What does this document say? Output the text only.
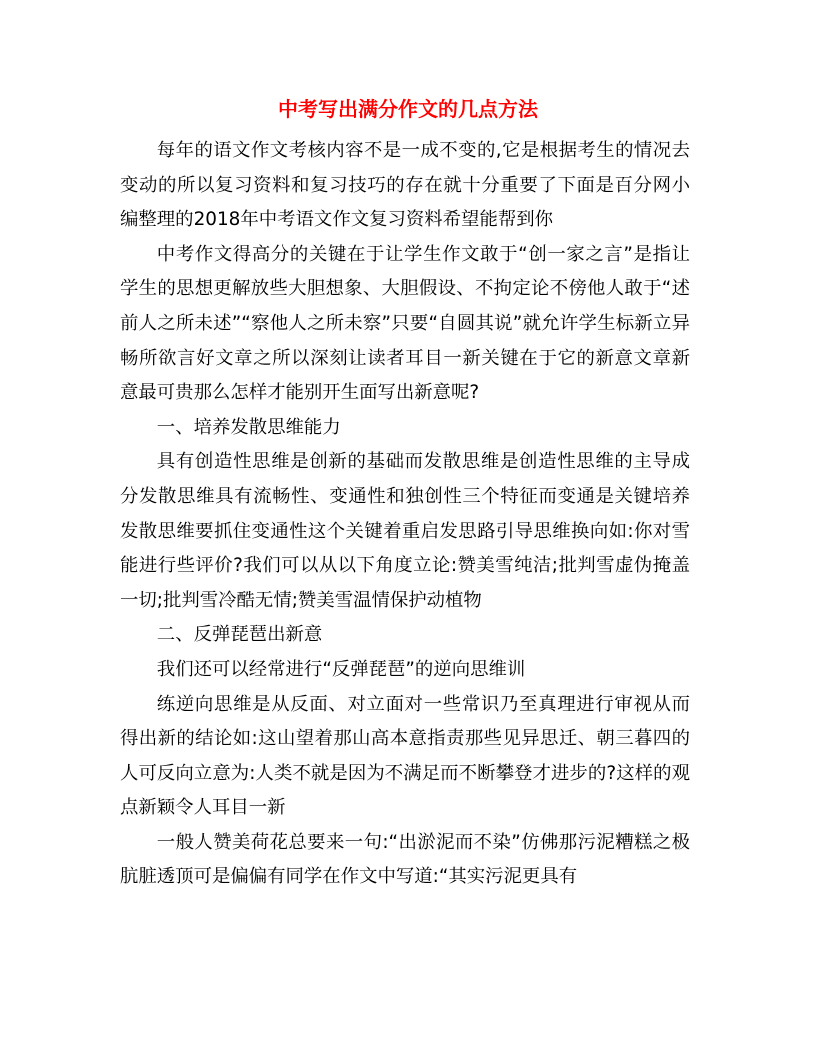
中考写出满分作文的几点方法

每年的语文作文考核内容不是一成不变的,它是根据考生的情况去变动的所以复习资料和复习技巧的存在就十分重要了下面是百分网小编整理的2018年中考语文作文复习资料希望能帮到你

中考作文得高分的关键在于让学生作文敢于“创一家之言”是指让学生的思想更解放些大胆想象、大胆假设、不拘定论不傍他人敢于“述前人之所未述”“察他人之所未察”只要“自圆其说”就允许学生标新立异畅所欲言好文章之所以深刻让读者耳目一新关键在于它的新意文章新意最可贵那么怎样才能别开生面写出新意呢?

一、培养发散思维能力

具有创造性思维是创新的基础而发散思维是创造性思维的主导成分发散思维具有流畅性、变通性和独创性三个特征而变通是关键培养发散思维要抓住变通性这个关键着重启发思路引导思维换向如:你对雪能进行些评价?我们可以从以下角度立论:赞美雪纯洁;批判雪虚伪掩盖一切;批判雪冷酷无情;赞美雪温情保护动植物

二、反弹琵琶出新意

我们还可以经常进行“反弹琵琶”的逆向思维训

练逆向思维是从反面、对立面对一些常识乃至真理进行审视从而得出新的结论如:这山望着那山高本意指责那些见异思迁、朝三暮四的人可反向立意为:人类不就是因为不满足而不断攀登才进步的?这样的观点新颖令人耳目一新

一般人赞美荷花总要来一句:“出淤泥而不染”仿佛那污泥糟糕之极肮脏透顶可是偏偏有同学在作文中写道:“其实污泥更具有
